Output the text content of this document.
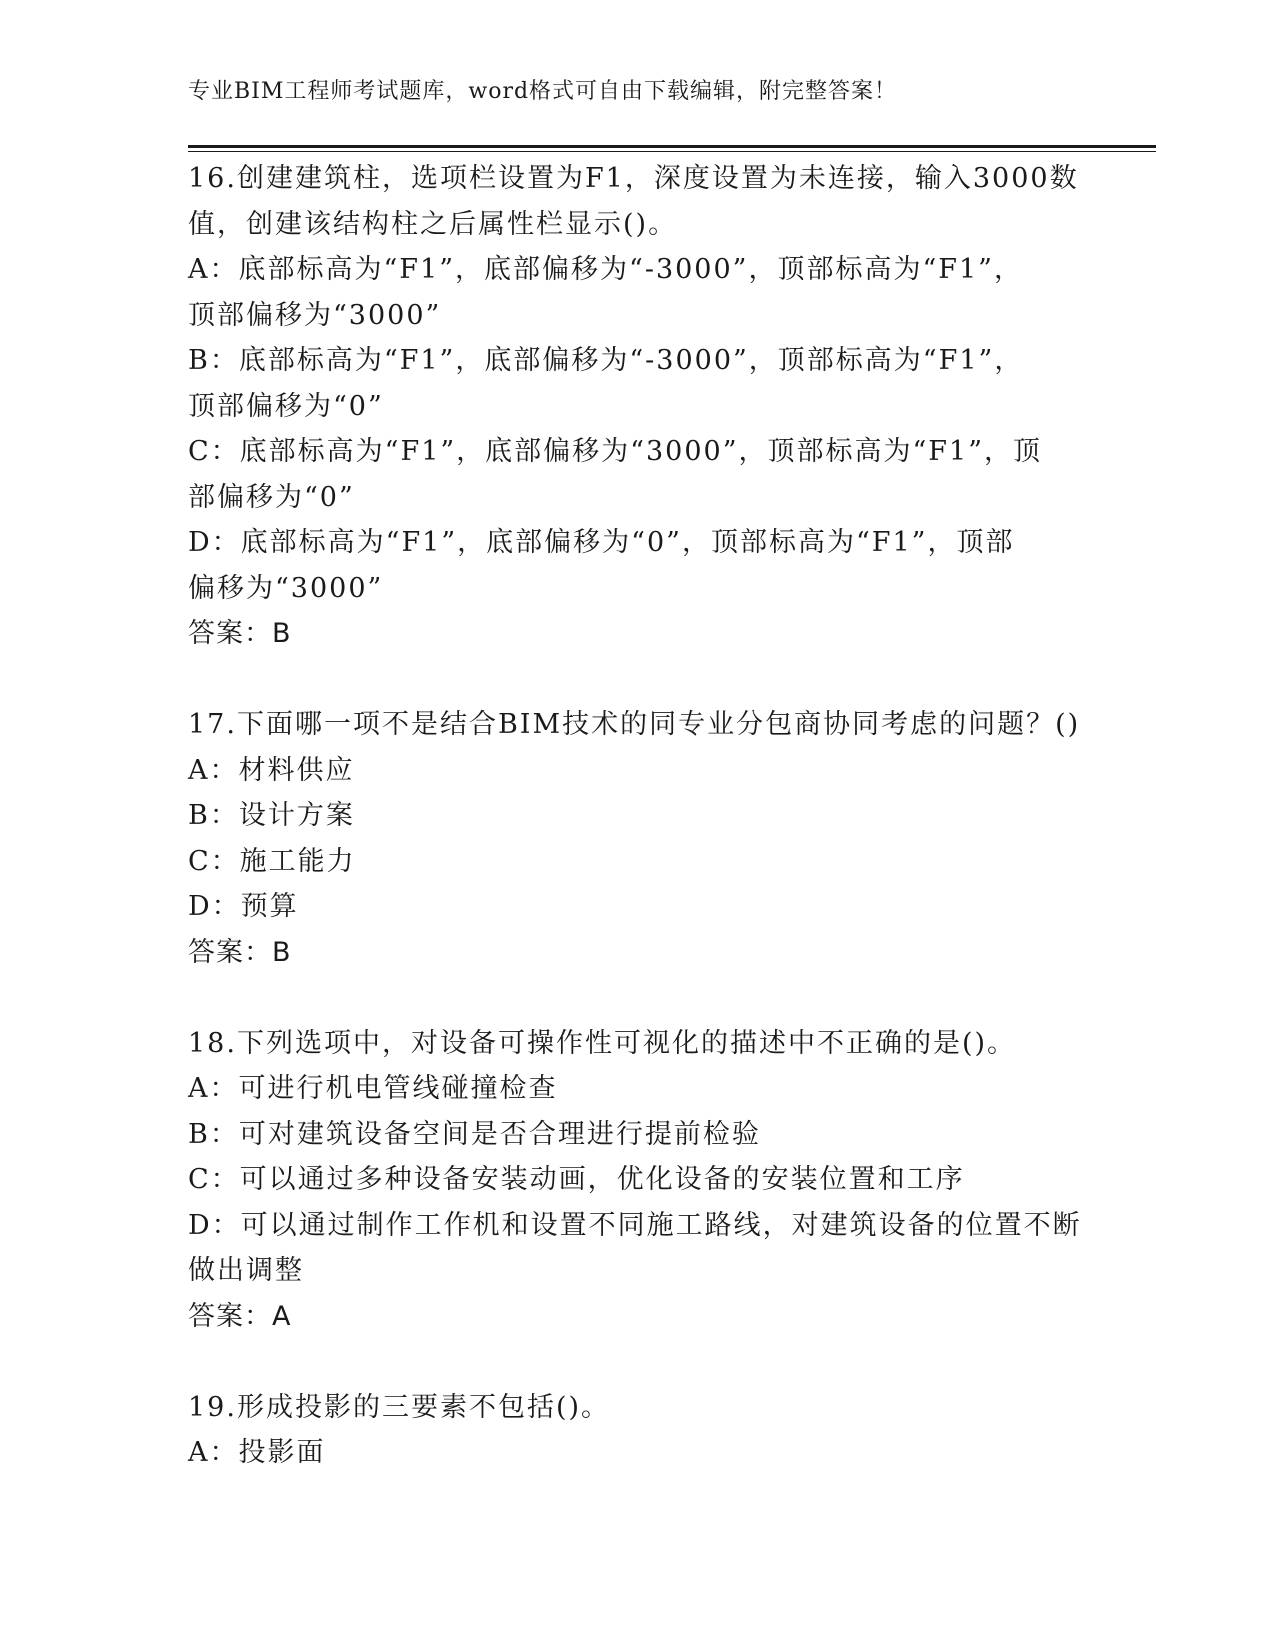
专业BIM工程师考试题库，word格式可自由下载编辑，附完整答案！
16.创建建筑柱，选项栏设置为F1，深度设置为未连接，输入3000数
值，创建该结构柱之后属性栏显示()。
A：底部标高为“F1”，底部偏移为“-3000”，顶部标高为“F1”，
顶部偏移为“3000”
B：底部标高为“F1”，底部偏移为“-3000”，顶部标高为“F1”，
顶部偏移为“0”
C：底部标高为“F1”，底部偏移为“3000”，顶部标高为“F1”，顶
部偏移为“0”
D：底部标高为“F1”，底部偏移为“0”，顶部标高为“F1”，顶部
偏移为“3000”
答案：B
17.下面哪一项不是结合BIM技术的同专业分包商协同考虑的问题？()
A：材料供应
B：设计方案
C：施工能力
D：预算
答案：B
18.下列选项中，对设备可操作性可视化的描述中不正确的是()。
A：可进行机电管线碰撞检查
B：可对建筑设备空间是否合理进行提前检验
C：可以通过多种设备安装动画，优化设备的安装位置和工序
D：可以通过制作工作机和设置不同施工路线，对建筑设备的位置不断
做出调整
答案：A
19.形成投影的三要素不包括()。
A：投影面
